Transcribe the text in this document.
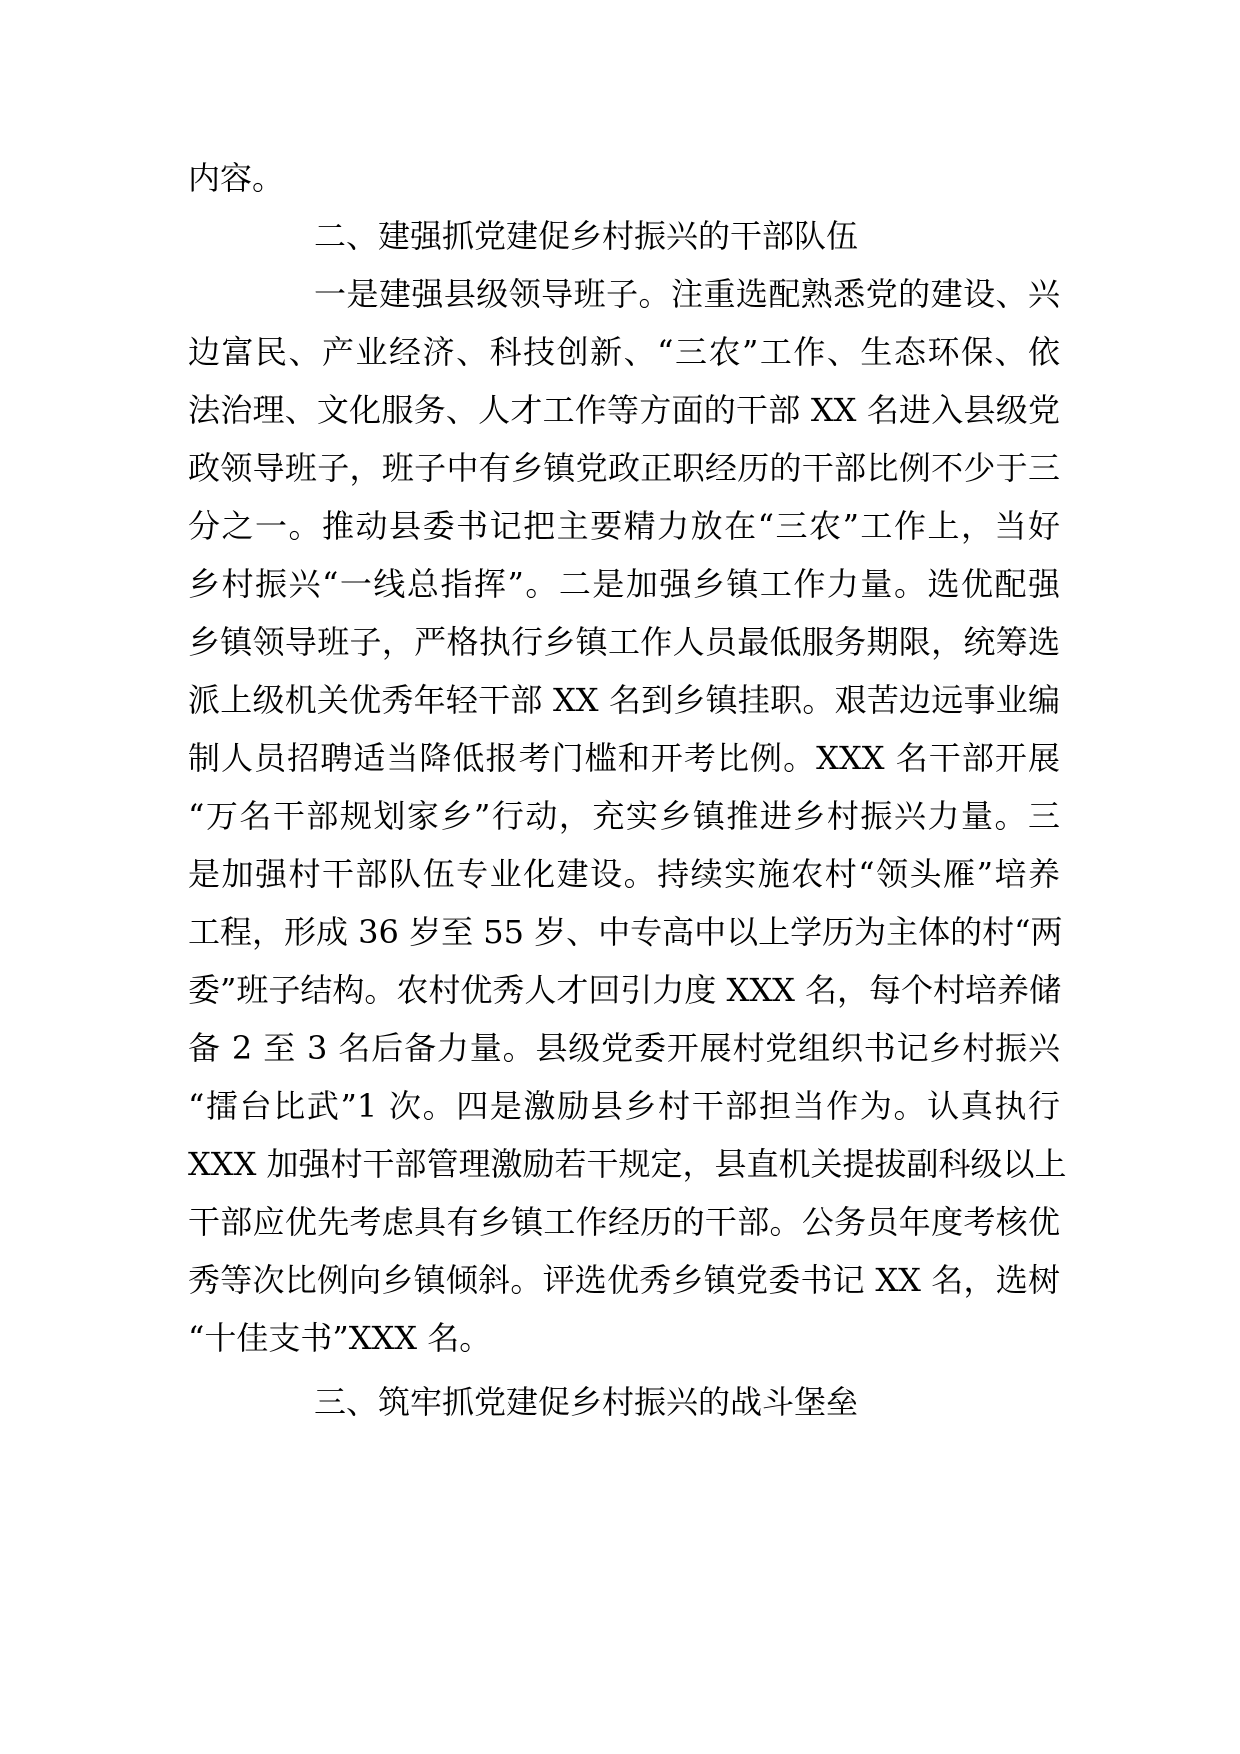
内容。
二、建强抓党建促乡村振兴的干部队伍
一是建强县级领导班子。注重选配熟悉党的建设、兴
边富民、产业经济、科技创新、“三农”工作、生态环保、依
法治理、文化服务、人才工作等方面的干部 XX 名进入县级党
政领导班子，班子中有乡镇党政正职经历的干部比例不少于三
分之一。推动县委书记把主要精力放在“三农”工作上，当好
乡村振兴“一线总指挥”。二是加强乡镇工作力量。选优配强
乡镇领导班子，严格执行乡镇工作人员最低服务期限，统筹选
派上级机关优秀年轻干部 XX 名到乡镇挂职。艰苦边远事业编
制人员招聘适当降低报考门槛和开考比例。XXX 名干部开展
“万名干部规划家乡”行动，充实乡镇推进乡村振兴力量。三
是加强村干部队伍专业化建设。持续实施农村“领头雁”培养
工程，形成 36 岁至 55 岁、中专高中以上学历为主体的村“两
委”班子结构。农村优秀人才回引力度 XXX 名，每个村培养储
备 2 至 3 名后备力量。县级党委开展村党组织书记乡村振兴
“擂台比武”1 次。四是激励县乡村干部担当作为。认真执行
XXX 加强村干部管理激励若干规定，县直机关提拔副科级以上
干部应优先考虑具有乡镇工作经历的干部。公务员年度考核优
秀等次比例向乡镇倾斜。评选优秀乡镇党委书记 XX 名，选树
“十佳支书”XXX 名。
三、筑牢抓党建促乡村振兴的战斗堡垒
